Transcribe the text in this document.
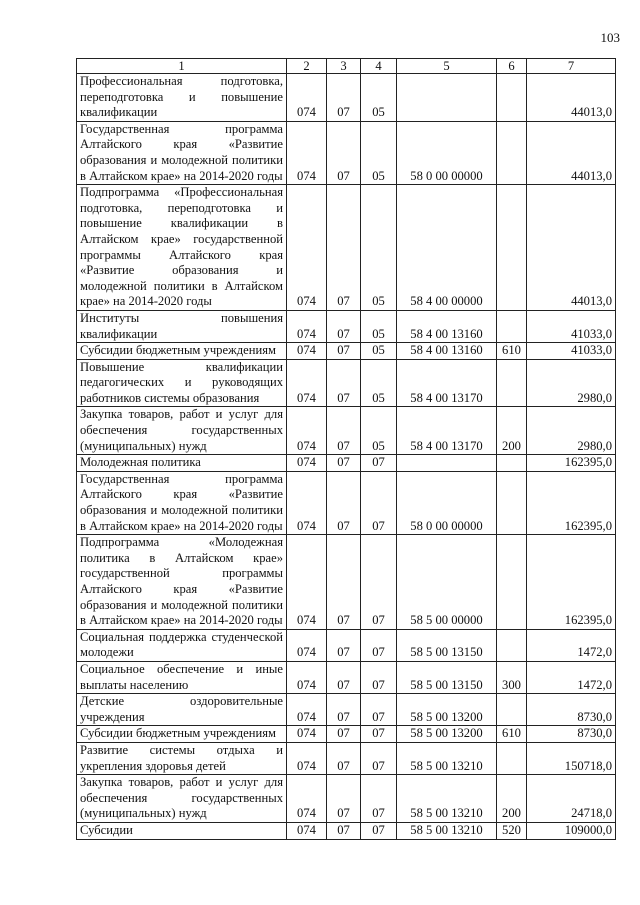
103
1	2	3	4	5	6	7
Профессиональная подготовка, переподготовка и повышение квалификации	074	07	05			44013,0
Государственная программа Алтайского края «Развитие образования и молодежной политики в Алтайском крае» на 2014-2020 годы	074	07	05	58 0 00 00000		44013,0
Подпрограмма «Профессиональная подготовка, переподготовка и повышение квалификации в Алтайском крае» государственной программы Алтайского края «Развитие образования и молодежной политики в Алтайском крае» на 2014-2020 годы	074	07	05	58 4 00 00000		44013,0
Институты повышения квалификации	074	07	05	58 4 00 13160		41033,0
Субсидии бюджетным учреждениям	074	07	05	58 4 00 13160	610	41033,0
Повышение квалификации педагогических и руководящих работников системы образования	074	07	05	58 4 00 13170		2980,0
Закупка товаров, работ и услуг для обеспечения государственных (муниципальных) нужд	074	07	05	58 4 00 13170	200	2980,0
Молодежная политика	074	07	07			162395,0
Государственная программа Алтайского края «Развитие образования и молодежной политики в Алтайском крае» на 2014-2020 годы	074	07	07	58 0 00 00000		162395,0
Подпрограмма «Молодежная политика в Алтайском крае» государственной программы Алтайского края «Развитие образования и молодежной политики в Алтайском крае» на 2014-2020 годы	074	07	07	58 5 00 00000		162395,0
Социальная поддержка студенческой молодежи	074	07	07	58 5 00 13150		1472,0
Социальное обеспечение и иные выплаты населению	074	07	07	58 5 00 13150	300	1472,0
Детские оздоровительные учреждения	074	07	07	58 5 00 13200		8730,0
Субсидии бюджетным учреждениям	074	07	07	58 5 00 13200	610	8730,0
Развитие системы отдыха и укрепления здоровья детей	074	07	07	58 5 00 13210		150718,0
Закупка товаров, работ и услуг для обеспечения государственных (муниципальных) нужд	074	07	07	58 5 00 13210	200	24718,0
Субсидии	074	07	07	58 5 00 13210	520	109000,0
